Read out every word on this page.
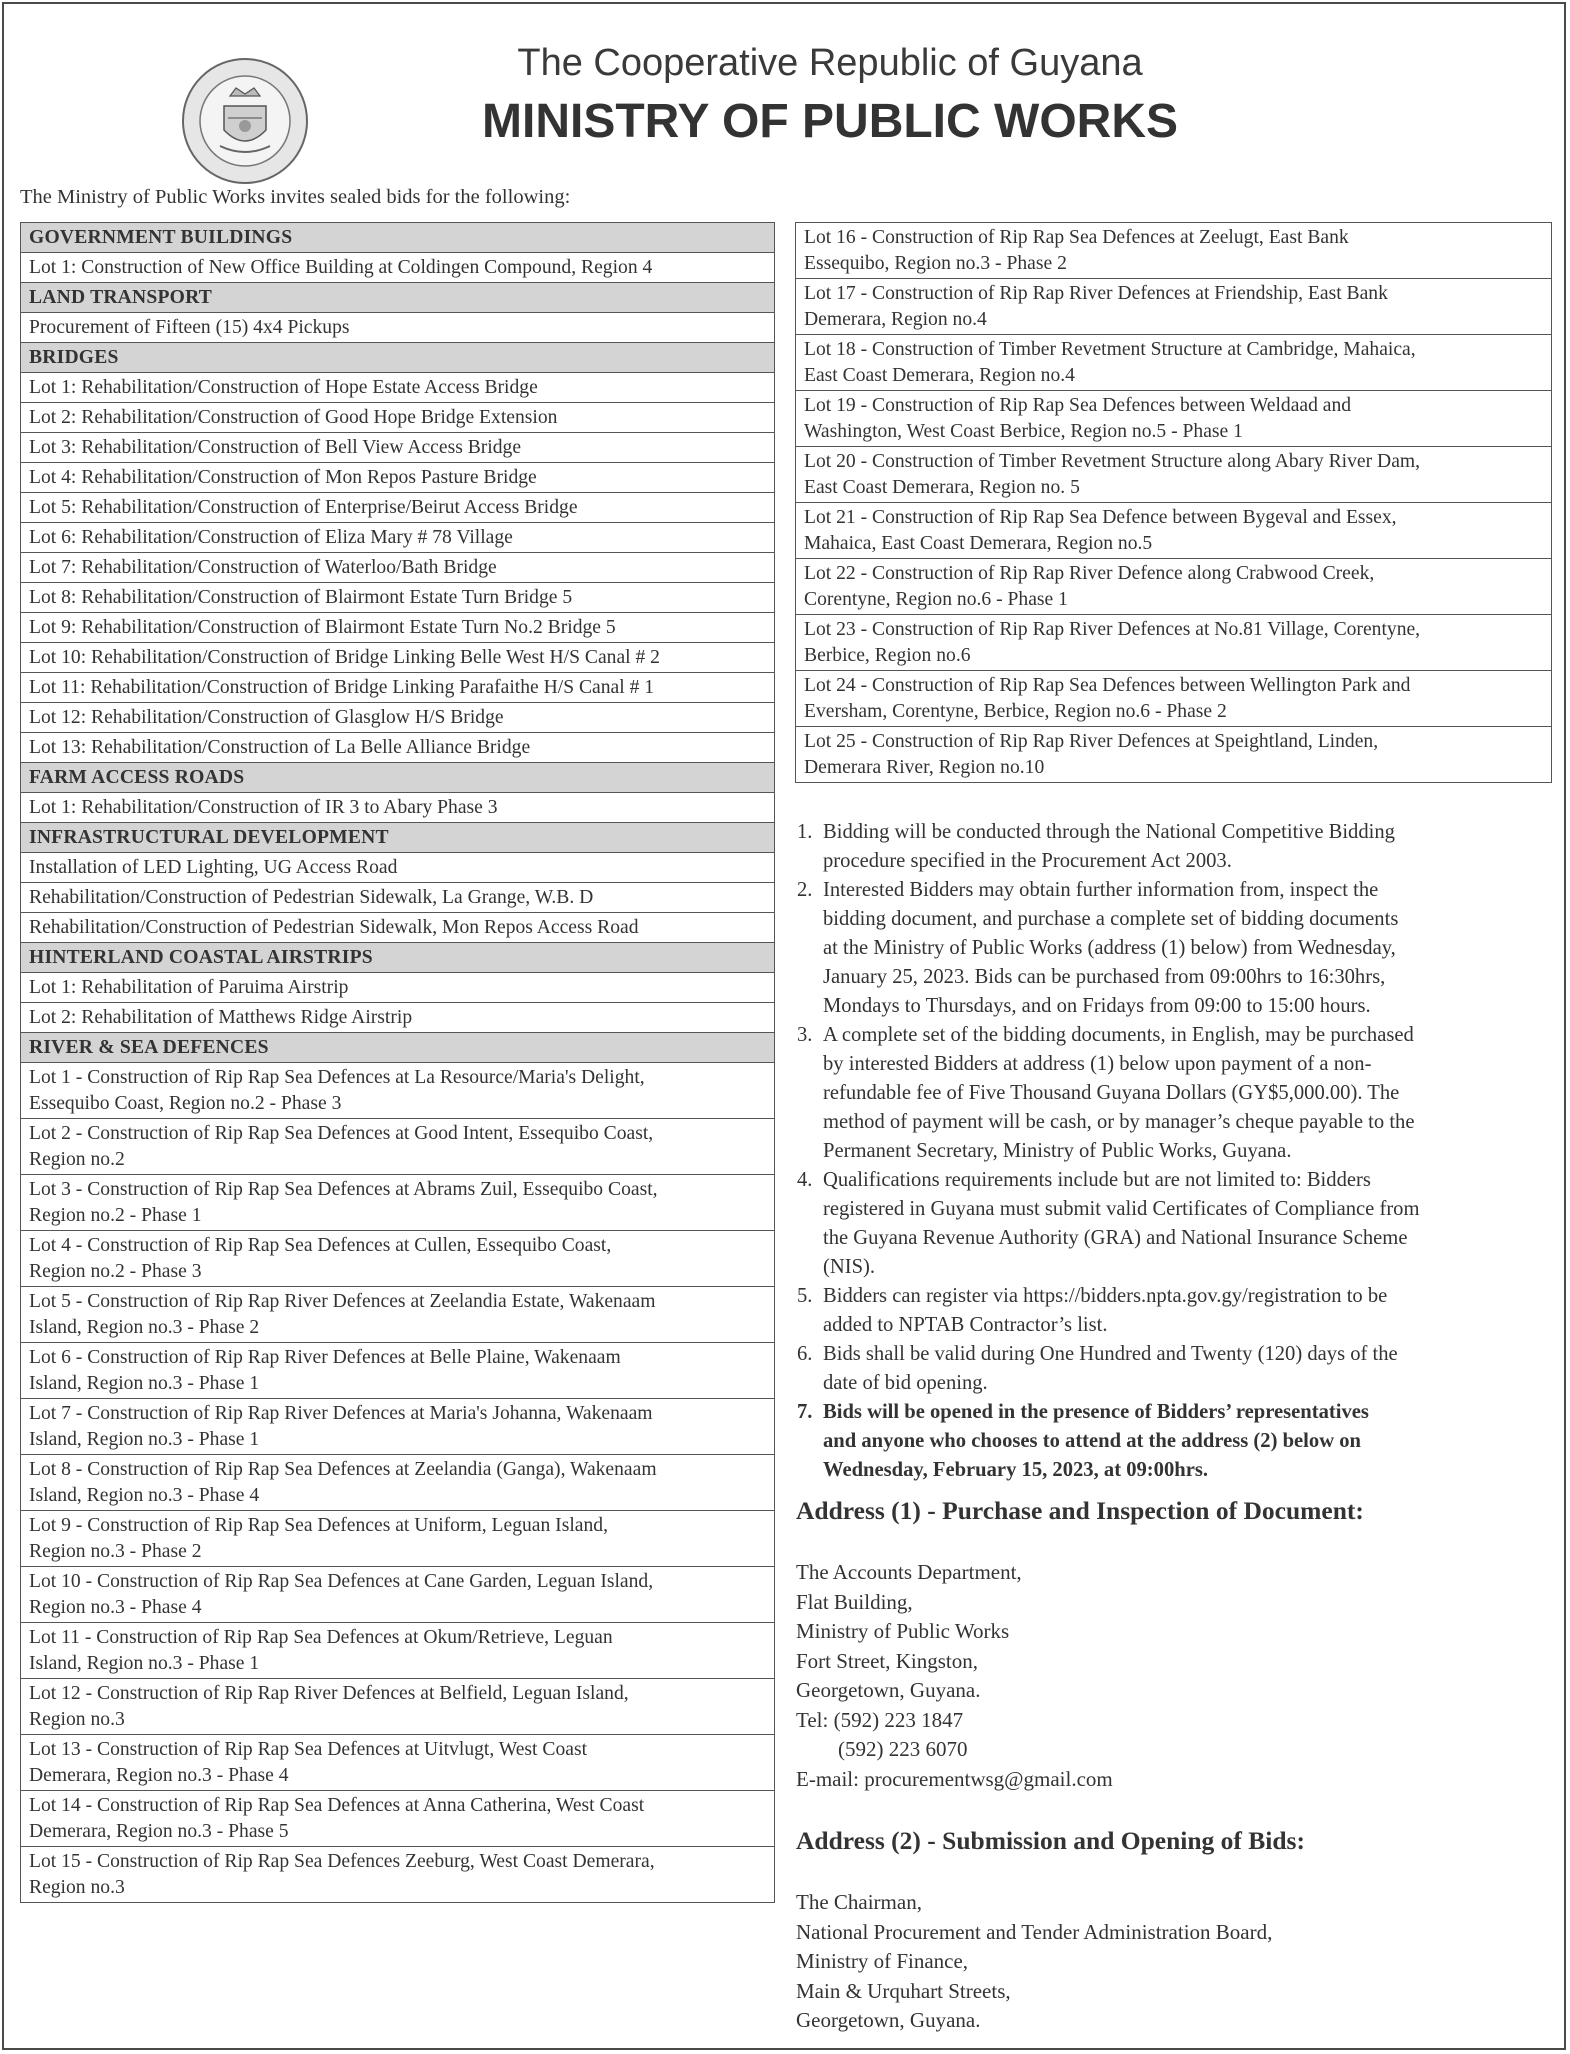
The Cooperative Republic of Guyana
MINISTRY OF PUBLIC WORKS
The Ministry of Public Works invites sealed bids for the following:
GOVERNMENT BUILDINGS
Lot 1: Construction of New Office Building at Coldingen Compound, Region 4
LAND TRANSPORT
Procurement of Fifteen (15) 4x4 Pickups
BRIDGES
Lot 1: Rehabilitation/Construction of Hope Estate Access Bridge
Lot 2: Rehabilitation/Construction of Good Hope Bridge Extension
Lot 3: Rehabilitation/Construction of Bell View Access Bridge
Lot 4: Rehabilitation/Construction of Mon Repos Pasture Bridge
Lot 5: Rehabilitation/Construction of Enterprise/Beirut Access Bridge
Lot 6: Rehabilitation/Construction of Eliza Mary # 78 Village
Lot 7: Rehabilitation/Construction of Waterloo/Bath Bridge
Lot 8: Rehabilitation/Construction of Blairmont Estate Turn Bridge 5
Lot 9: Rehabilitation/Construction of Blairmont Estate Turn No.2 Bridge 5
Lot 10: Rehabilitation/Construction of Bridge Linking Belle West H/S Canal # 2
Lot 11: Rehabilitation/Construction of Bridge Linking Parafaithe H/S Canal # 1
Lot 12: Rehabilitation/Construction of Glasglow H/S Bridge
Lot 13: Rehabilitation/Construction of La Belle Alliance Bridge
FARM ACCESS ROADS
Lot 1: Rehabilitation/Construction of IR 3 to Abary Phase 3
INFRASTRUCTURAL DEVELOPMENT
Installation of LED Lighting, UG Access Road
Rehabilitation/Construction of Pedestrian Sidewalk, La Grange, W.B. D
Rehabilitation/Construction of Pedestrian Sidewalk, Mon Repos Access Road
HINTERLAND COASTAL AIRSTRIPS
Lot 1: Rehabilitation of Paruima Airstrip
Lot 2: Rehabilitation of Matthews Ridge Airstrip
RIVER & SEA DEFENCES

Lot 1 - Construction of Rip Rap Sea Defences at La Resource/Maria's Delight,
Essequibo Coast, Region no.2 - Phase 3

Lot 2 - Construction of Rip Rap Sea Defences at Good Intent, Essequibo Coast,
Region no.2

Lot 3 - Construction of Rip Rap Sea Defences at Abrams Zuil, Essequibo Coast,
Region no.2 - Phase 1

Lot 4 - Construction of Rip Rap Sea Defences at Cullen, Essequibo Coast,
Region no.2 - Phase 3

Lot 5 - Construction of Rip Rap River Defences at Zeelandia Estate, Wakenaam
Island, Region no.3 - Phase 2

Lot 6 - Construction of Rip Rap River Defences at Belle Plaine, Wakenaam
Island, Region no.3 - Phase 1

Lot 7 - Construction of Rip Rap River Defences at Maria's Johanna, Wakenaam
Island, Region no.3 - Phase 1

Lot 8 - Construction of Rip Rap Sea Defences at Zeelandia (Ganga), Wakenaam
Island, Region no.3 - Phase 4

Lot 9 - Construction of Rip Rap Sea Defences at Uniform, Leguan Island,
Region no.3 - Phase 2

Lot 10 - Construction of Rip Rap Sea Defences at Cane Garden, Leguan Island,
Region no.3 - Phase 4

Lot 11 - Construction of Rip Rap Sea Defences at Okum/Retrieve, Leguan
Island, Region no.3 - Phase 1

Lot 12 - Construction of Rip Rap River Defences at Belfield, Leguan Island,
Region no.3

Lot 13 - Construction of Rip Rap Sea Defences at Uitvlugt, West Coast
Demerara, Region no.3 - Phase 4

Lot 14 - Construction of Rip Rap Sea Defences at Anna Catherina, West Coast
Demerara, Region no.3 - Phase 5

Lot 15 - Construction of Rip Rap Sea Defences Zeeburg, West Coast Demerara,
Region no.3
Lot 16 - Construction of Rip Rap Sea Defences at Zeelugt, East Bank
Essequibo, Region no.3 - Phase 2

Lot 17 - Construction of Rip Rap River Defences at Friendship, East Bank
Demerara, Region no.4

Lot 18 - Construction of Timber Revetment Structure at Cambridge, Mahaica,
East Coast Demerara, Region no.4

Lot 19 - Construction of Rip Rap Sea Defences between Weldaad and
Washington, West Coast Berbice, Region no.5 - Phase 1

Lot 20 - Construction of Timber Revetment Structure along Abary River Dam,
East Coast Demerara, Region no. 5

Lot 21 - Construction of Rip Rap Sea Defence between Bygeval and Essex,
Mahaica, East Coast Demerara, Region no.5

Lot 22 - Construction of Rip Rap River Defence along Crabwood Creek,
Corentyne, Region no.6 - Phase 1

Lot 23 - Construction of Rip Rap River Defences at No.81 Village, Corentyne,
Berbice, Region no.6

Lot 24 - Construction of Rip Rap Sea Defences between Wellington Park and
Eversham, Corentyne, Berbice, Region no.6 - Phase 2

Lot 25 - Construction of Rip Rap River Defences at Speightland, Linden,
Demerara River, Region no.10
1. Bidding will be conducted through the National Competitive Bidding
procedure specified in the Procurement Act 2003.
2. Interested Bidders may obtain further information from, inspect the
bidding document, and purchase a complete set of bidding documents
at the Ministry of Public Works (address (1) below) from Wednesday,
January 25, 2023. Bids can be purchased from 09:00hrs to 16:30hrs,
Mondays to Thursdays, and on Fridays from 09:00 to 15:00 hours.
3. A complete set of the bidding documents, in English, may be purchased
by interested Bidders at address (1) below upon payment of a non-
refundable fee of Five Thousand Guyana Dollars (GY$5,000.00). The
method of payment will be cash, or by manager’s cheque payable to the
Permanent Secretary, Ministry of Public Works, Guyana.
4. Qualifications requirements include but are not limited to: Bidders
registered in Guyana must submit valid Certificates of Compliance from
the Guyana Revenue Authority (GRA) and National Insurance Scheme
(NIS).
5. Bidders can register via https://bidders.npta.gov.gy/registration to be
added to NPTAB Contractor’s list.
6. Bids shall be valid during One Hundred and Twenty (120) days of the
date of bid opening.
7. Bids will be opened in the presence of Bidders’ representatives
and anyone who chooses to attend at the address (2) below on
Wednesday, February 15, 2023, at 09:00hrs.
Address (1) - Purchase and Inspection of Document:
The Accounts Department,
Flat Building,
Ministry of Public Works
Fort Street, Kingston,
Georgetown, Guyana.
Tel: (592) 223 1847
(592) 223 6070
E-mail: procurementwsg@gmail.com
Address (2) - Submission and Opening of Bids:
The Chairman,
National Procurement and Tender Administration Board,
Ministry of Finance,
Main & Urquhart Streets,
Georgetown, Guyana.
